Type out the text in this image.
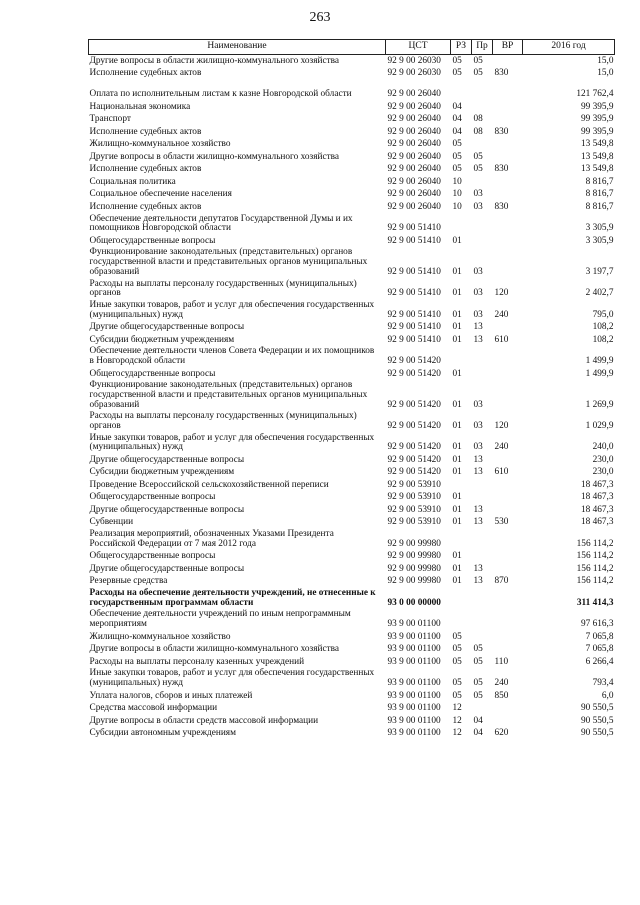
263
Наименование	ЦСТ	РЗ	Пр	ВР	2016 год
Другие вопросы в области жилищно-коммунального хозяйства	92 9 00 26030	05	05		15,0
Исполнение судебных актов	92 9 00 26030	05	05	830	15,0
Оплата по исполнительным листам к казне Новгородской области	92 9 00 26040				121 762,4
Национальная экономика	92 9 00 26040	04			99 395,9
Транспорт	92 9 00 26040	04	08		99 395,9
Исполнение судебных актов	92 9 00 26040	04	08	830	99 395,9
Жилищно-коммунальное хозяйство	92 9 00 26040	05			13 549,8
Другие вопросы в области жилищно-коммунального хозяйства	92 9 00 26040	05	05		13 549,8
Исполнение судебных актов	92 9 00 26040	05	05	830	13 549,8
Социальная политика	92 9 00 26040	10			8 816,7
Социальное обеспечение населения	92 9 00 26040	10	03		8 816,7
Исполнение судебных актов	92 9 00 26040	10	03	830	8 816,7
Обеспечение деятельности депутатов Государственной Думы и их помощников Новгородской области	92 9 00 51410				3 305,9
Общегосударственные вопросы	92 9 00 51410	01			3 305,9
Функционирование законодательных (представительных) органов государственной власти и представительных органов муниципальных образований	92 9 00 51410	01	03		3 197,7
Расходы на выплаты персоналу государственных (муниципальных) органов	92 9 00 51410	01	03	120	2 402,7
Иные закупки товаров, работ и услуг для обеспечения государственных (муниципальных) нужд	92 9 00 51410	01	03	240	795,0
Другие общегосударственные вопросы	92 9 00 51410	01	13		108,2
Субсидии бюджетным учреждениям	92 9 00 51410	01	13	610	108,2
Обеспечение деятельности членов Совета Федерации и их помощников в Новгородской области	92 9 00 51420				1 499,9
Общегосударственные вопросы	92 9 00 51420	01			1 499,9
Функционирование законодательных (представительных) органов государственной власти и представительных органов муниципальных образований	92 9 00 51420	01	03		1 269,9
Расходы на выплаты персоналу государственных (муниципальных) органов	92 9 00 51420	01	03	120	1 029,9
Иные закупки товаров, работ и услуг для обеспечения государственных (муниципальных) нужд	92 9 00 51420	01	03	240	240,0
Другие общегосударственные вопросы	92 9 00 51420	01	13		230,0
Субсидии бюджетным учреждениям	92 9 00 51420	01	13	610	230,0
Проведение Всероссийской сельскохозяйственной переписи	92 9 00 53910				18 467,3
Общегосударственные вопросы	92 9 00 53910	01			18 467,3
Другие общегосударственные вопросы	92 9 00 53910	01	13		18 467,3
Субвенции	92 9 00 53910	01	13	530	18 467,3
Реализация мероприятий, обозначенных Указами Президента Российской Федерации от 7 мая 2012 года	92 9 00 99980				156 114,2
Общегосударственные вопросы	92 9 00 99980	01			156 114,2
Другие общегосударственные вопросы	92 9 00 99980	01	13		156 114,2
Резервные средства	92 9 00 99980	01	13	870	156 114,2
Расходы на обеспечение деятельности учреждений, не отнесенные к государственным программам области	93 0 00 00000				311 414,3
Обеспечение деятельности учреждений по иным непрограммным мероприятиям	93 9 00 01100				97 616,3
Жилищно-коммунальное хозяйство	93 9 00 01100	05			7 065,8
Другие вопросы в области жилищно-коммунального хозяйства	93 9 00 01100	05	05		7 065,8
Расходы на выплаты персоналу казенных учреждений	93 9 00 01100	05	05	110	6 266,4
Иные закупки товаров, работ и услуг для обеспечения государственных (муниципальных) нужд	93 9 00 01100	05	05	240	793,4
Уплата налогов, сборов и иных платежей	93 9 00 01100	05	05	850	6,0
Средства массовой информации	93 9 00 01100	12			90 550,5
Другие вопросы в области средств массовой информации	93 9 00 01100	12	04		90 550,5
Субсидии автономным учреждениям	93 9 00 01100	12	04	620	90 550,5
